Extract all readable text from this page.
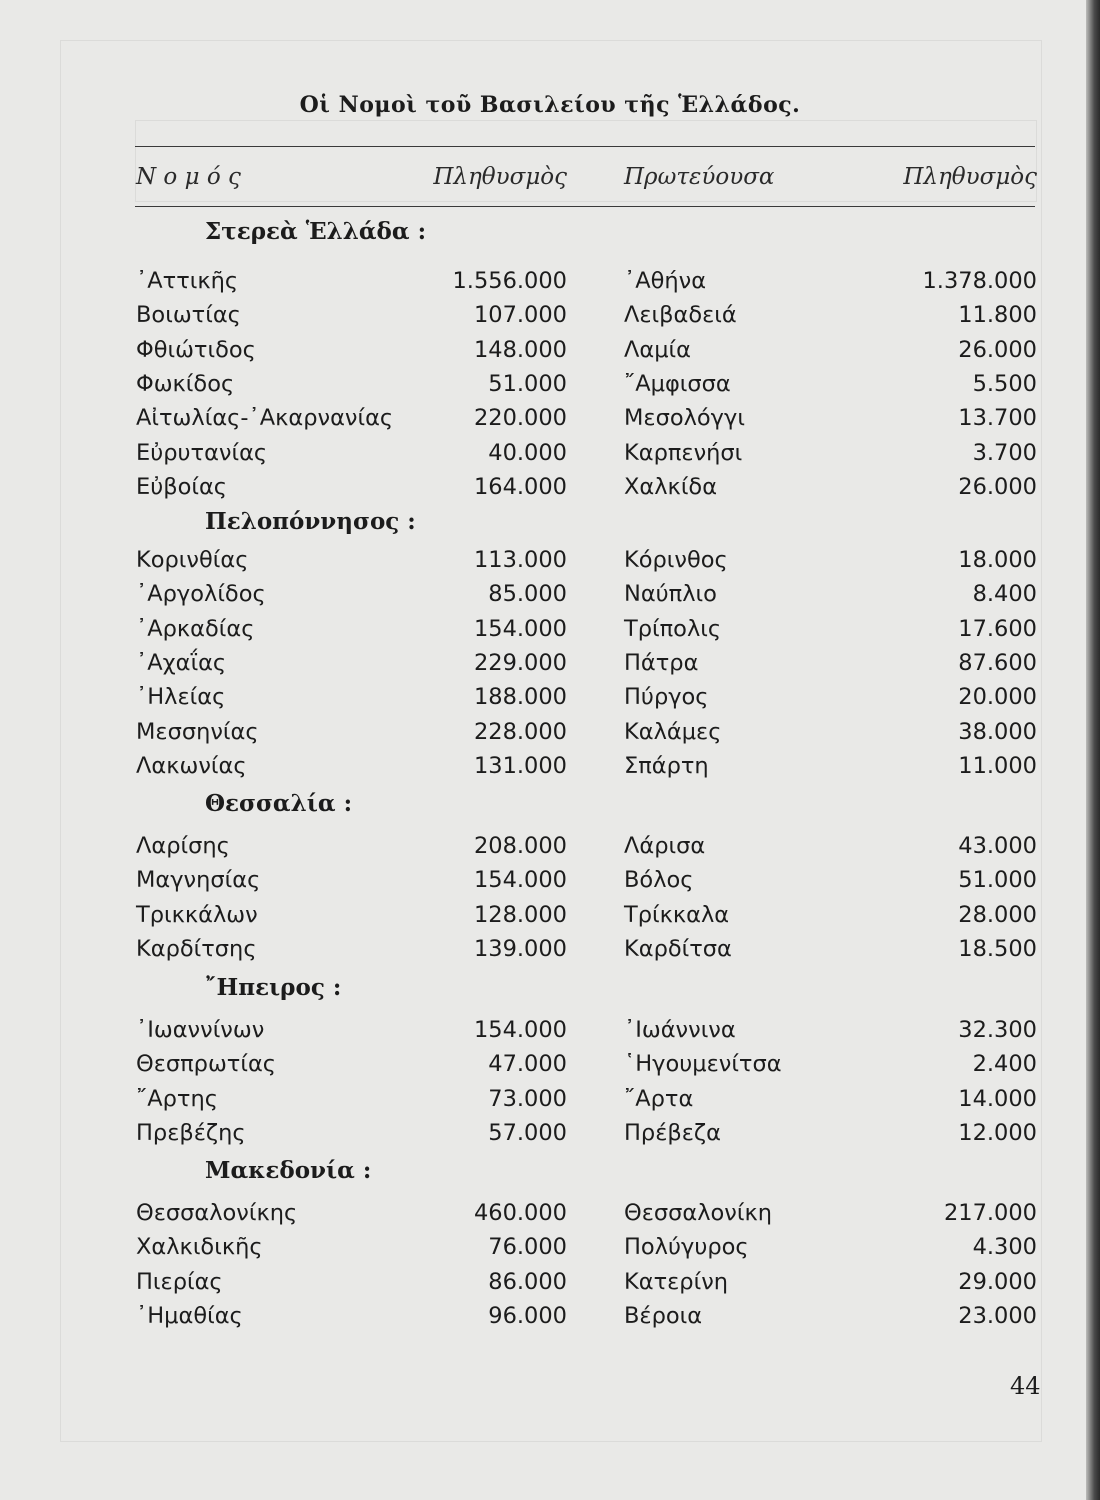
Οἱ Νομοὶ τοῦ Βασιλείου τῆς Ἑλλάδος.
Ν ο μ ό ς	Πληθυσμὸς Πρωτεύουσα	Πληθυσμὸς
Στερεὰ Ἑλλάδα :
᾿Αττικῆς	1.556.000	᾿Αθήνα	1.378.000
Βοιωτίας	107.000	Λειβαδειά	11.800
Φθιώτιδος	148.000	Λαμία	26.000
Φωκίδος	51.000	῎Αμφισσα	5.500
Αἰτωλίας-᾿Ακαρνανίας	220.000	Μεσολόγγι	13.700
Εὐρυτανίας	40.000	Καρπενήσι	3.700
Εὐβοίας	164.000	Χαλκίδα	26.000
Πελοπόννησος :
Κορινθίας	113.000	Κόρινθος	18.000
᾿Αργολίδος	85.000	Ναύπλιο	8.400
᾿Αρκαδίας	154.000	Τρίπολις	17.600
᾿Αχαΐας	229.000	Πάτρα	87.600
᾿Ηλείας	188.000	Πύργος	20.000
Μεσσηνίας	228.000	Καλάμες	38.000
Λακωνίας	131.000	Σπάρτη	11.000
Θεσσαλία :
Λαρίσης	208.000	Λάρισα	43.000
Μαγνησίας	154.000	Βόλος	51.000
Τρικκάλων	128.000	Τρίκκαλα	28.000
Καρδίτσης	139.000	Καρδίτσα	18.500
῎Ηπειρος :
᾿Ιωαννίνων	154.000	᾿Ιωάννινα	32.300
Θεσπρωτίας	47.000	῾Ηγουμενίτσα	2.400
῎Αρτης	73.000	῎Αρτα	14.000
Πρεβέζης	57.000	Πρέβεζα	12.000
Μακεδονία :
Θεσσαλονίκης	460.000	Θεσσαλονίκη	217.000
Χαλκιδικῆς	76.000	Πολύγυρος	4.300
Πιερίας	86.000	Κατερίνη	29.000
᾿Ημαθίας	96.000	Βέροια	23.000
44
